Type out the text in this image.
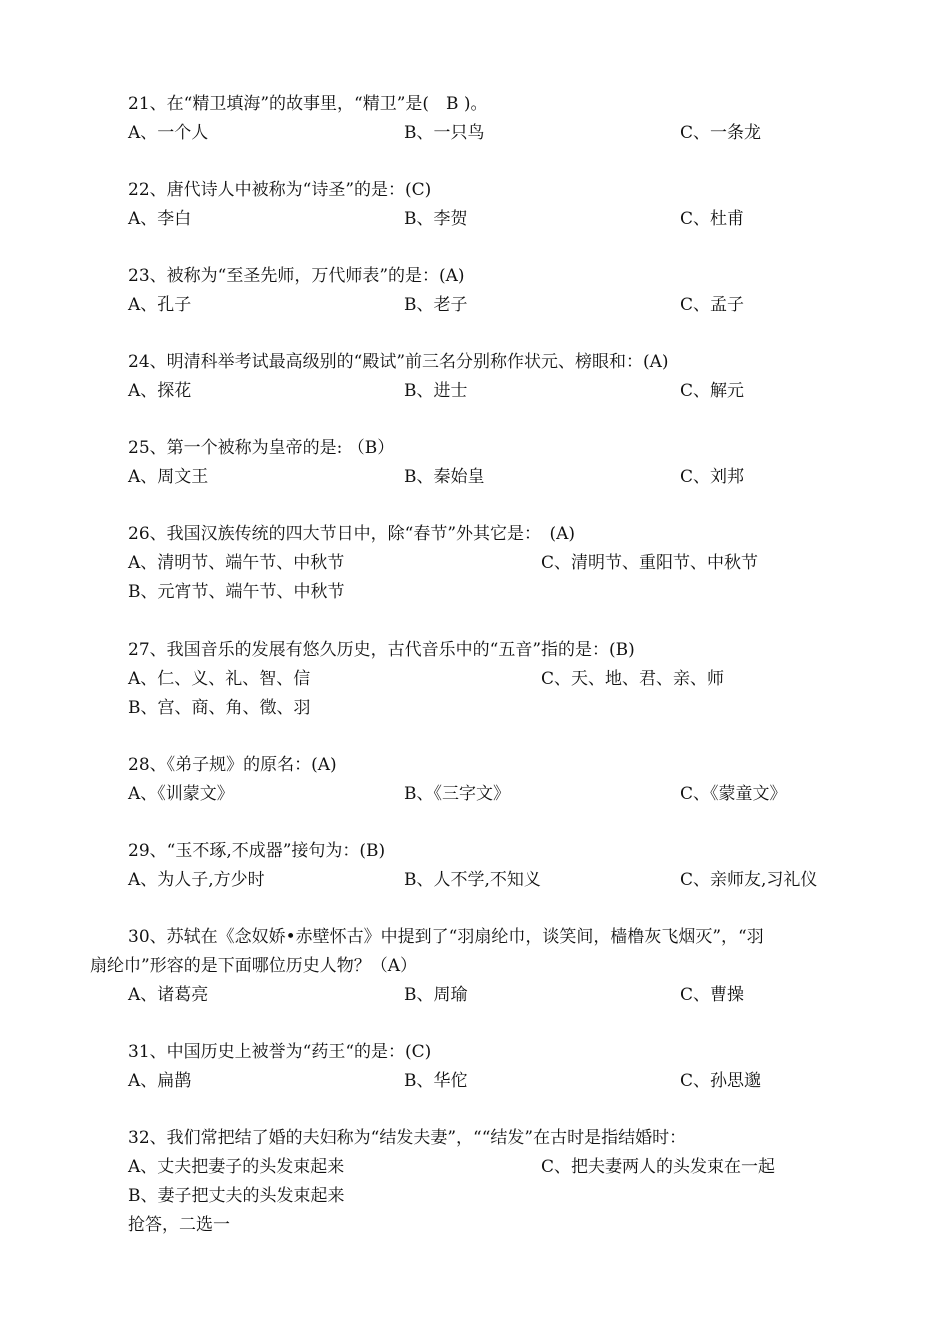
21、在“精卫填海”的故事里，“精卫”是(　B )。
A、一个人	B、一只鸟	C、一条龙
22、唐代诗人中被称为“诗圣”的是：(C)
A、李白	B、李贺	C、杜甫
23、被称为“至圣先师，万代师表”的是：(A)
A、孔子	B、老子	C、孟子
24、明清科举考试最高级别的“殿试”前三名分别称作状元、榜眼和：(A)
A、探花	B、进士	C、解元
25、第一个被称为皇帝的是: （B）
A、周文王	B、秦始皇	C、刘邦
26、我国汉族传统的四大节日中，除“春节”外其它是：　(A)
A、清明节、端午节、中秋节	C、清明节、重阳节、中秋节
B、元宵节、端午节、中秋节
27、我国音乐的发展有悠久历史，古代音乐中的“五音”指的是：(B)
A、仁、义、礼、智、信	C、天、地、君、亲、师
B、宫、商、角、徵、羽
28、《弟子规》的原名：(A)
A、《训蒙文》	B、《三字文》	C、《蒙童文》
29、“玉不琢,不成器”接句为：(B)
A、为人子,方少时	B、人不学,不知义	C、亲师友,习礼仪
30、苏轼在《念奴娇•赤壁怀古》中提到了“羽扇纶巾，谈笑间，樯橹灰飞烟灭”，“羽
扇纶巾”形容的是下面哪位历史人物？（A）
A、诸葛亮	B、周瑜	C、曹操
31、中国历史上被誉为“药王“的是：(C)
A、扁鹊	B、华佗	C、孙思邈
32、我们常把结了婚的夫妇称为“结发夫妻”，““结发”在古时是指结婚时：
A、丈夫把妻子的头发束起来	C、把夫妻两人的头发束在一起
B、妻子把丈夫的头发束起来
抢答，二选一
